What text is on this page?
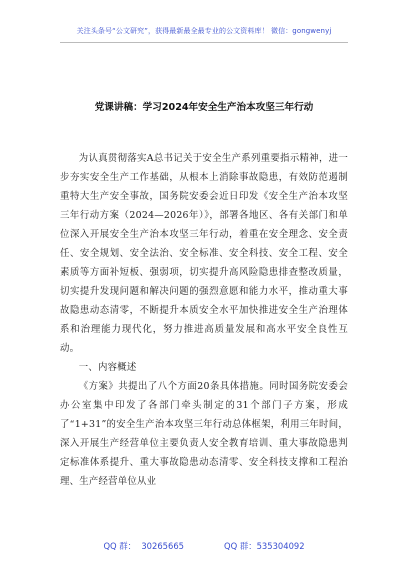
关注头条号“公文研究”，获得最新最全最专业的公文资料库！ 微信：gongwenyj
党课讲稿：学习2024年安全生产治本攻坚三年行动

为认真贯彻落实A总书记关于安全生产系列重要指示精神，进一步夯实安全生产工作基础，从根本上消除事故隐患，有效防范遏制重特大生产安全事故，国务院安委会近日印发《安全生产治本攻坚三年行动方案（2024—2026年）》，部署各地区、各有关部门和单位深入开展安全生产治本攻坚三年行动，着重在安全理念、安全责任、安全规划、安全法治、安全标准、安全科技、安全工程、安全素质等方面补短板、强弱项，切实提升高风险隐患排查整改质量，切实提升发现问题和解决问题的强烈意愿和能力水平，推动重大事故隐患动态清零，不断提升本质安全水平加快推进安全生产治理体系和治理能力现代化，努力推进高质量发展和高水平安全良性互动。

一、内容概述

《方案》共提出了八个方面20条具体措施。同时国务院安委会办公室集中印发了各部门牵头制定的31个部门子方案，形成了“1+31”的安全生产治本攻坚三年行动总体框架，利用三年时间，深入开展生产经营单位主要负责人安全教育培训、重大事故隐患判定标准体系提升、重大事故隐患动态清零、安全科技支撑和工程治理、生产经营单位从业

QQ 群：  30265665	QQ 群：535304092
